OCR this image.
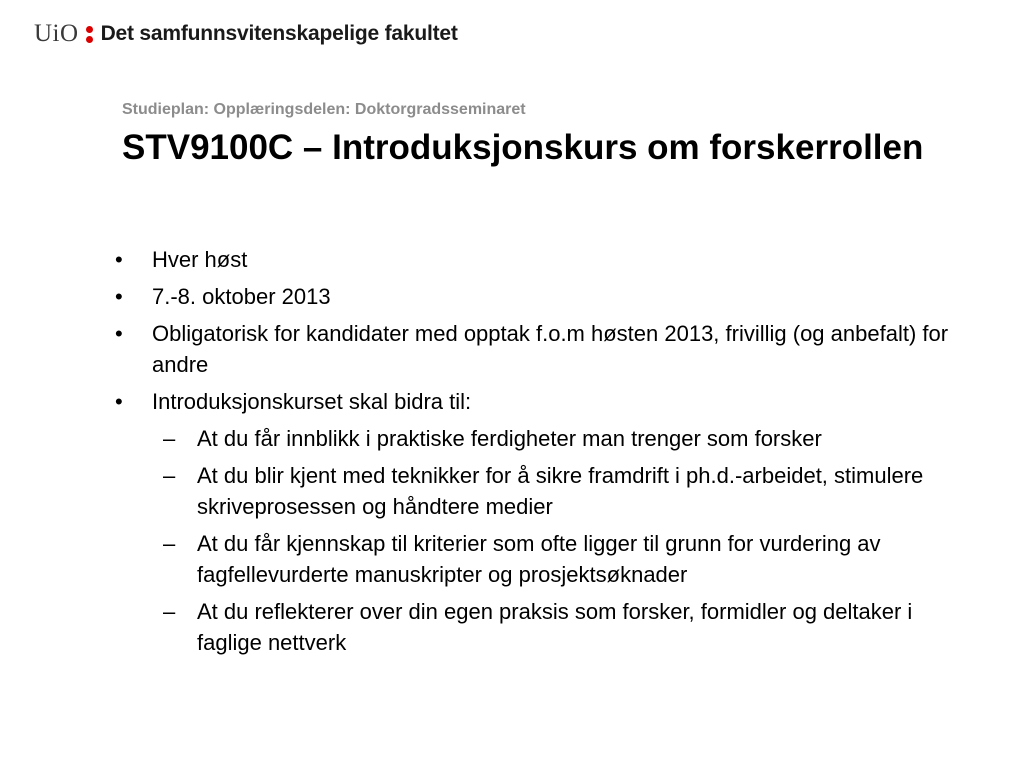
UiO Det samfunnsvitenskapelige fakultet
Studieplan: Opplæringsdelen: Doktorgradsseminaret
STV9100C – Introduksjonskurs om forskerrollen
• Hver høst
• 7.-8. oktober 2013
• Obligatorisk for kandidater med opptak f.o.m høsten 2013, frivillig (og anbefalt) for andre
• Introduksjonskurset skal bidra til:
– At du får innblikk i praktiske ferdigheter man trenger som forsker
– At du blir kjent med teknikker for å sikre framdrift i ph.d.-arbeidet, stimulere skriveprosessen og håndtere medier
– At du får kjennskap til kriterier som ofte ligger til grunn for vurdering av fagfellevurderte manuskripter og prosjektsøknader
– At du reflekterer over din egen praksis som forsker, formidler og deltaker i faglige nettverk
